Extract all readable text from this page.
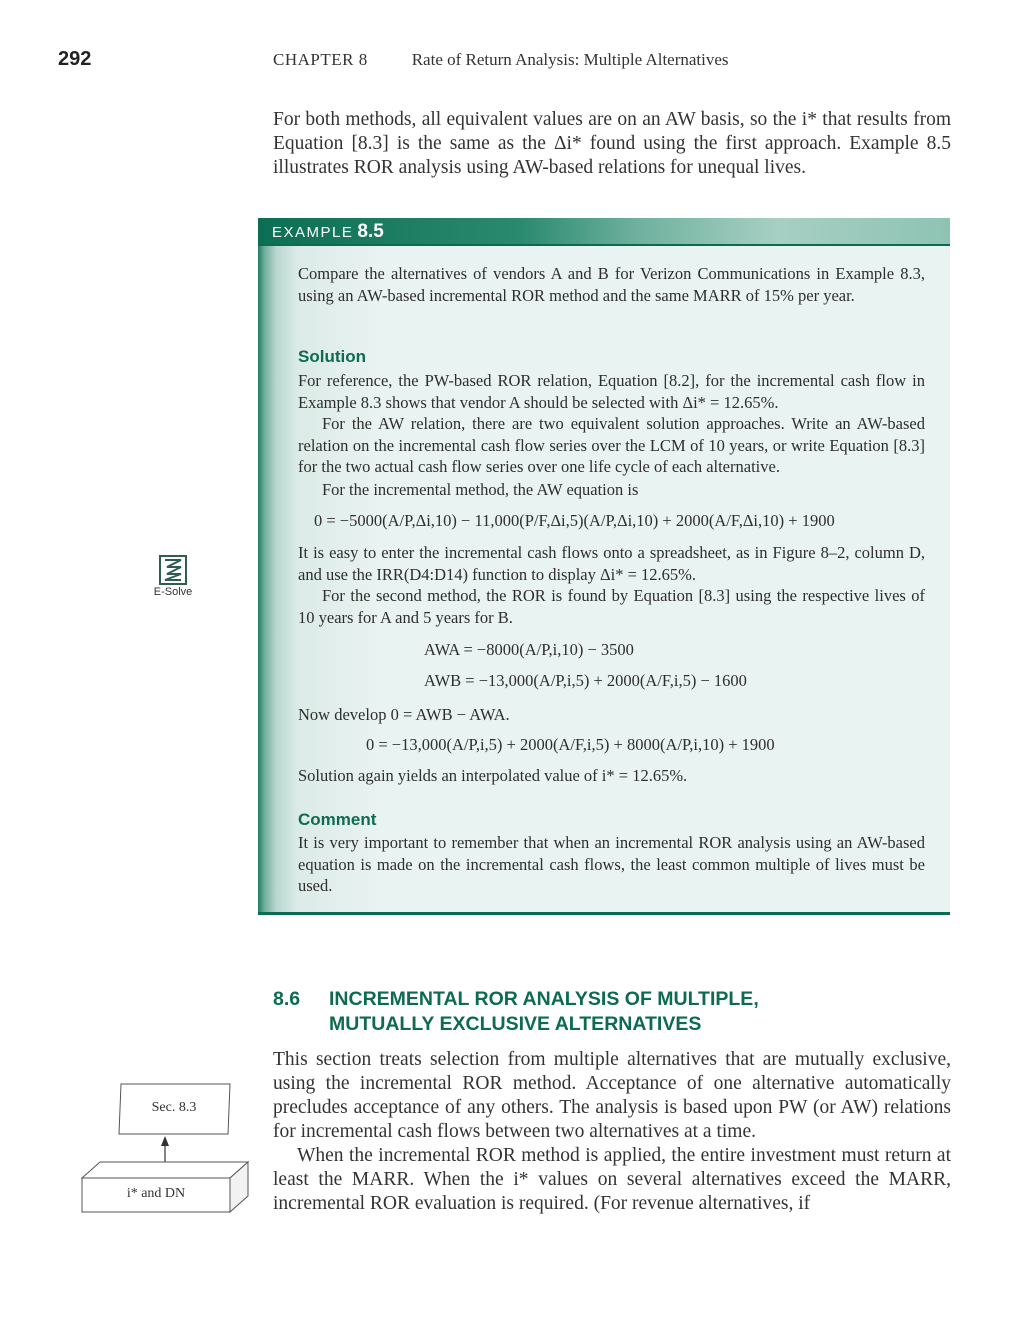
292	CHAPTER 8	Rate of Return Analysis: Multiple Alternatives
For both methods, all equivalent values are on an AW basis, so the i* that results from Equation [8.3] is the same as the Δi* found using the first approach. Example 8.5 illustrates ROR analysis using AW-based relations for unequal lives.
EXAMPLE 8.5
Compare the alternatives of vendors A and B for Verizon Communications in Example 8.3, using an AW-based incremental ROR method and the same MARR of 15% per year.
Solution
For reference, the PW-based ROR relation, Equation [8.2], for the incremental cash flow in Example 8.3 shows that vendor A should be selected with Δi* = 12.65%.
For the AW relation, there are two equivalent solution approaches. Write an AW-based relation on the incremental cash flow series over the LCM of 10 years, or write Equation [8.3] for the two actual cash flow series over one life cycle of each alternative.
For the incremental method, the AW equation is
0 = −5000(A/P,Δi,10) − 11,000(P/F,Δi,5)(A/P,Δi,10) + 2000(A/F,Δi,10) + 1900
It is easy to enter the incremental cash flows onto a spreadsheet, as in Figure 8–2, column D, and use the IRR(D4:D14) function to display Δi* = 12.65%.
For the second method, the ROR is found by Equation [8.3] using the respective lives of 10 years for A and 5 years for B.
AWA = −8000(A/P,i,10) − 3500
AWB = −13,000(A/P,i,5) + 2000(A/F,i,5) − 1600
Now develop 0 = AWB − AWA.
0 = −13,000(A/P,i,5) + 2000(A/F,i,5) + 8000(A/P,i,10) + 1900
Solution again yields an interpolated value of i* = 12.65%.
Comment
It is very important to remember that when an incremental ROR analysis using an AW-based equation is made on the incremental cash flows, the least common multiple of lives must be used.
E-Solve
8.6 INCREMENTAL ROR ANALYSIS OF MULTIPLE,
MUTUALLY EXCLUSIVE ALTERNATIVES

This section treats selection from multiple alternatives that are mutually exclusive, using the incremental ROR method. Acceptance of one alternative automatically precludes acceptance of any others. The analysis is based upon PW (or AW) relations for incremental cash flows between two alternatives at a time.

When the incremental ROR method is applied, the entire investment must return at least the MARR. When the i* values on several alternatives exceed the MARR, incremental ROR evaluation is required. (For revenue alternatives, if

Sec. 8.3
i* and DN
